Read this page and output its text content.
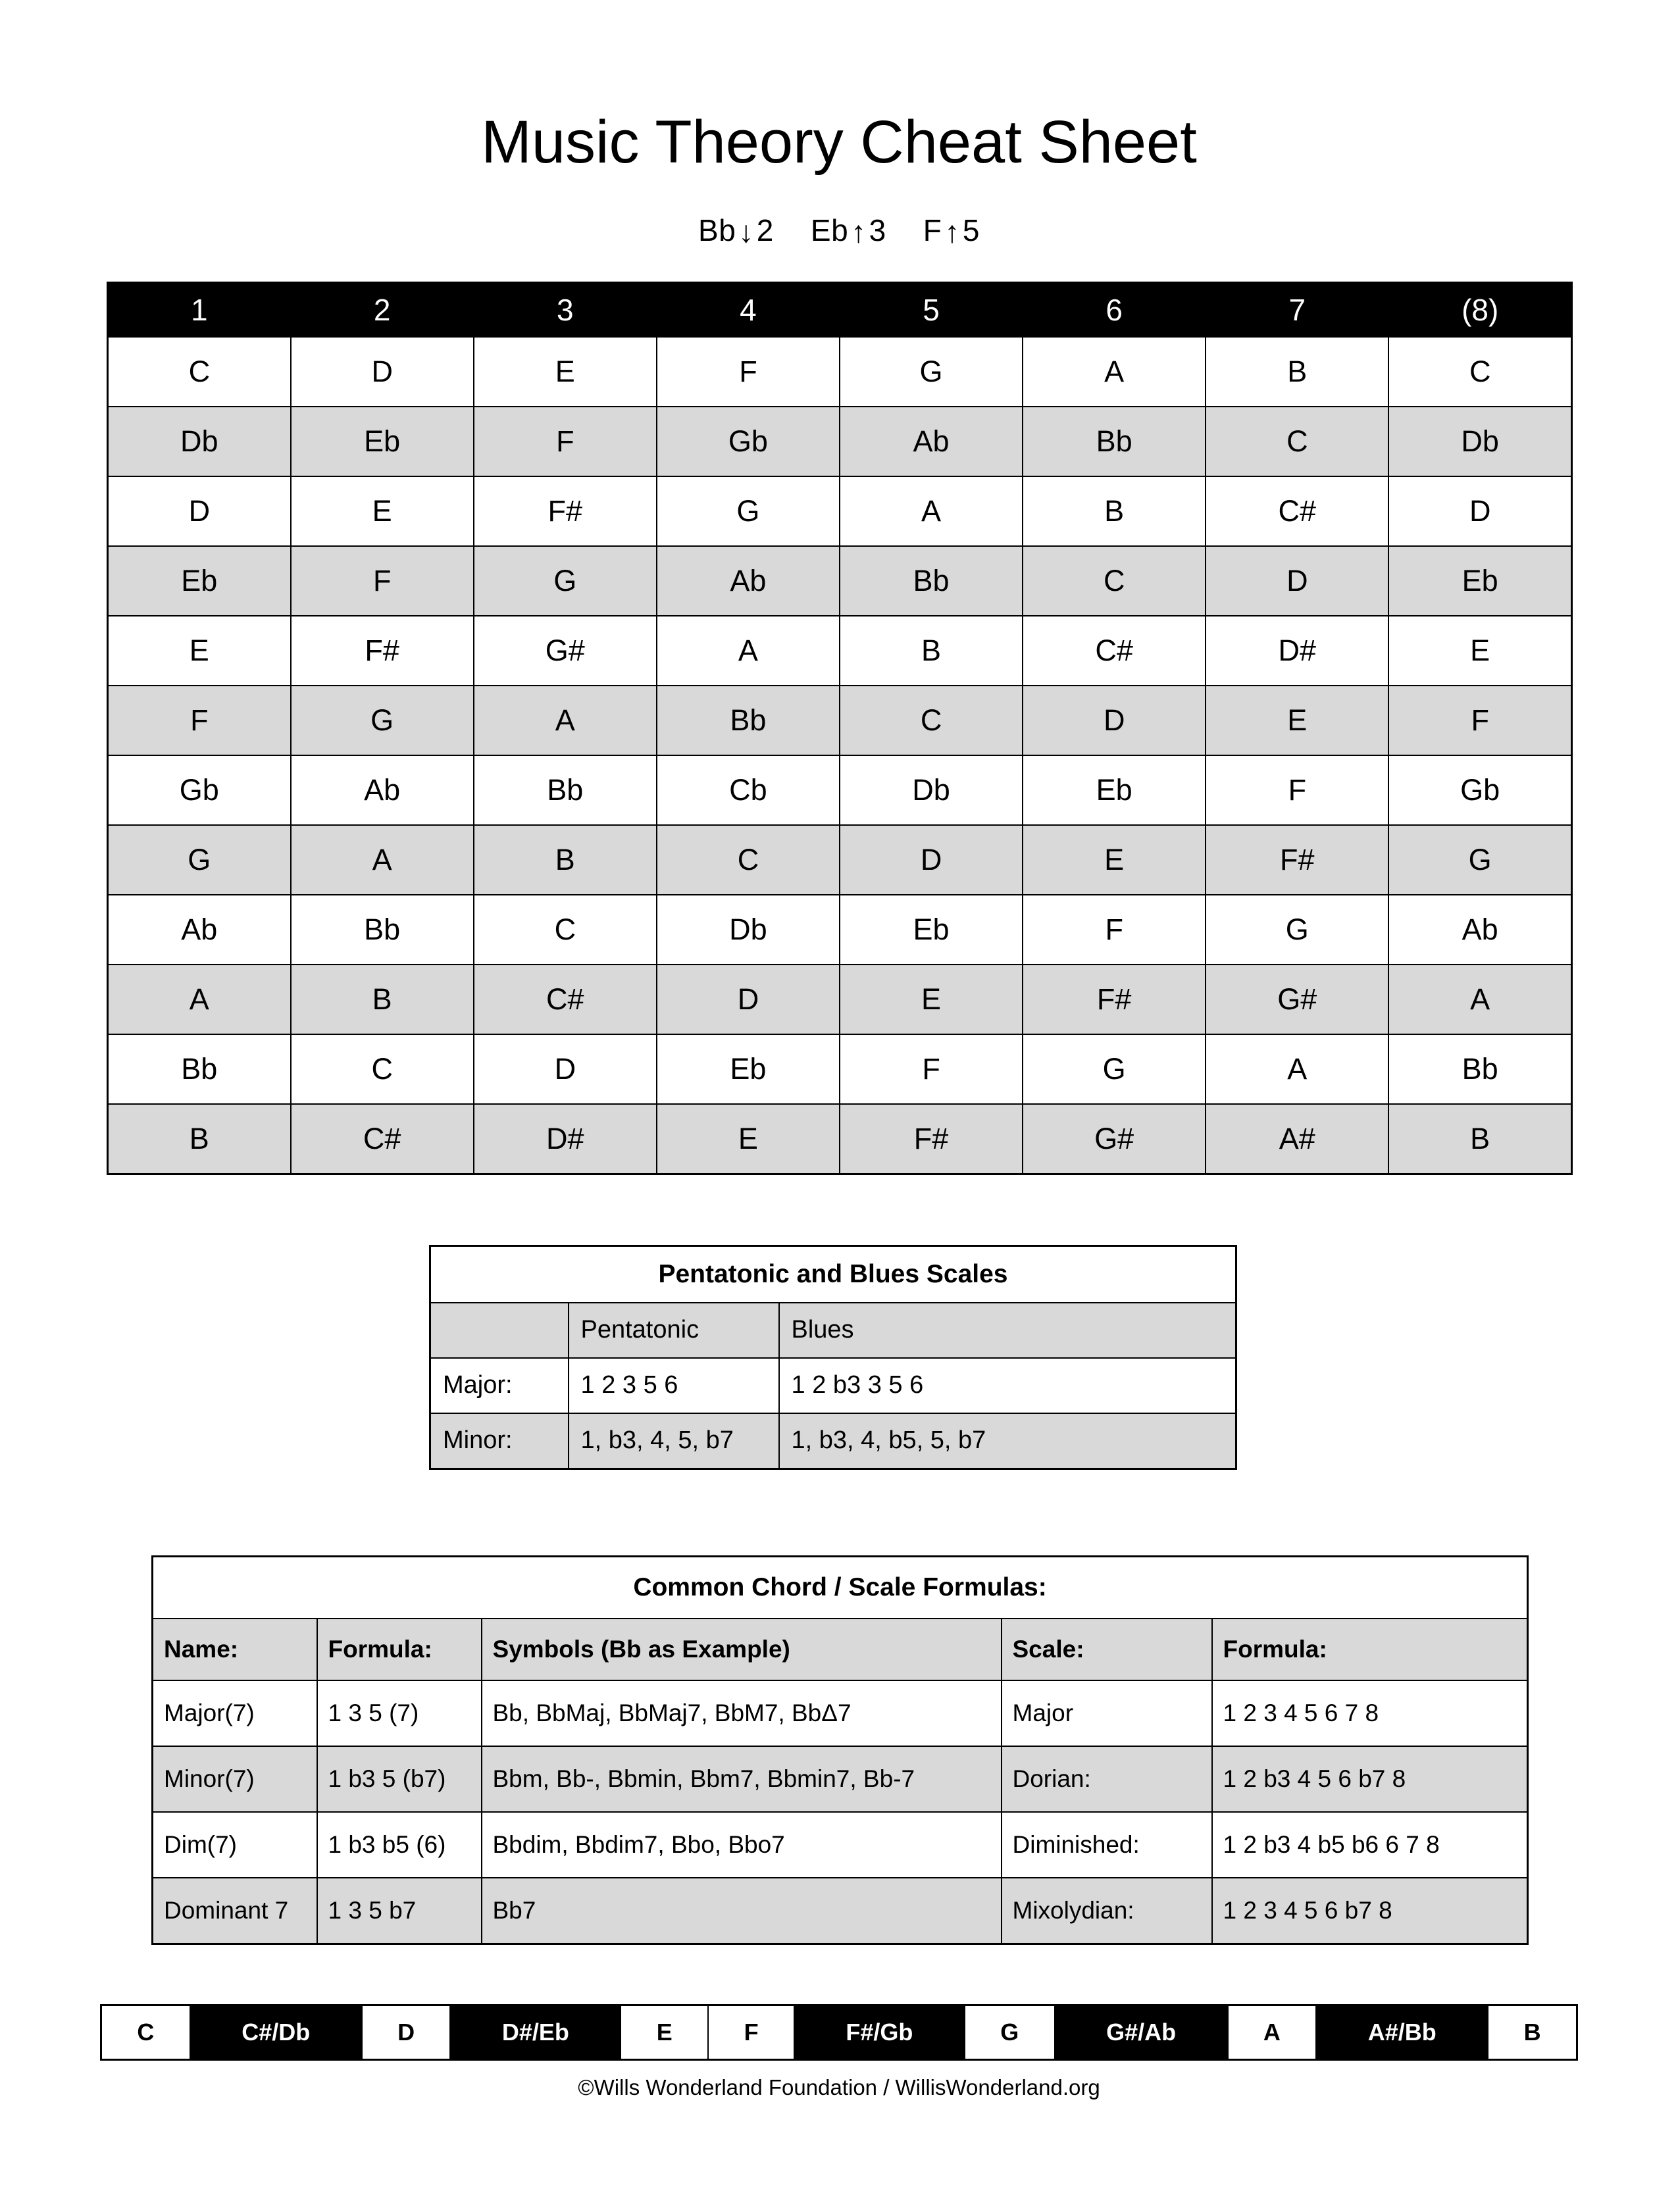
Music Theory Cheat Sheet
Bb↓2 Eb↑3 F↑5
1	2	3	4	5	6	7	(8)
C	D	E	F	G	A	B	C
Db	Eb	F	Gb	Ab	Bb	C	Db
D	E	F#	G	A	B	C#	D
Eb	F	G	Ab	Bb	C	D	Eb
E	F#	G#	A	B	C#	D#	E
F	G	A	Bb	C	D	E	F
Gb	Ab	Bb	Cb	Db	Eb	F	Gb
G	A	B	C	D	E	F#	G
Ab	Bb	C	Db	Eb	F	G	Ab
A	B	C#	D	E	F#	G#	A
Bb	C	D	Eb	F	G	A	Bb
B	C#	D#	E	F#	G#	A#	B
Pentatonic and Blues Scales		
	Pentatonic	Blues
Major:	1 2 3 5 6	1 2 b3 3 5 6
Minor:	1, b3, 4, 5, b7	1, b3, 4, b5, 5, b7
Common Chord / Scale Formulas:				
Name:	Formula:	Symbols (Bb as Example)	Scale:	Formula:
Major(7)	1 3 5 (7)	Bb, BbMaj, BbMaj7, BbM7, BbΔ7	Major	1 2 3 4 5 6 7 8
Minor(7)	1 b3 5 (b7)	Bbm, Bb-, Bbmin, Bbm7, Bbmin7, Bb-7	Dorian:	1 2 b3 4 5 6 b7 8
Dim(7)	1 b3 b5 (6)	Bbdim, Bbdim7, Bbo, Bbo7	Diminished:	1 2 b3 4 b5 b6 6 7 8
Dominant 7	1 3 5 b7	Bb7	Mixolydian:	1 2 3 4 5 6 b7 8
C	C#/Db	D	D#/Eb	E	F	F#/Gb	G	G#/Ab	A	A#/Bb	B
©Wills Wonderland Foundation / WillisWonderland.org
